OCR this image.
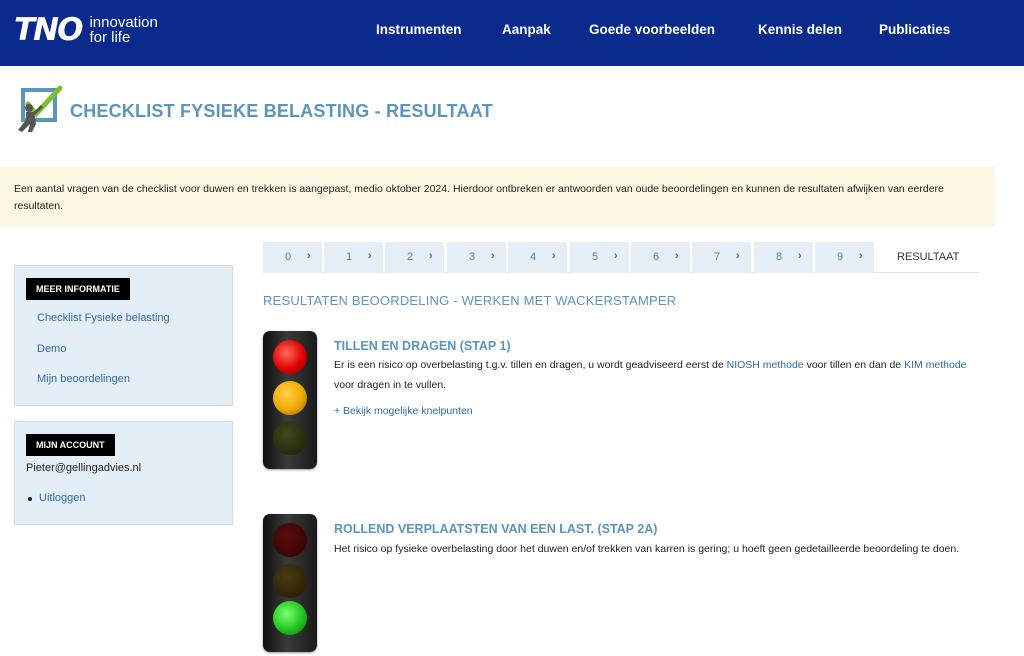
TNO innovation
for life	Instrumenten	Aanpak	Goede voorbeelden	Kennis delen	Publicaties
CHECKLIST FYSIEKE BELASTING - RESULTAAT
Een aantal vragen van de checklist voor duwen en trekken is aangepast, medio oktober 2024. Hierdoor ontbreken er antwoorden van oude beoordelingen en kunnen de resultaten afwijken van eerdere resultaten.
MEER INFORMATIE
Checklist Fysieke belasting
Demo
Mijn beoordelingen
MIJN ACCOUNT
Pieter@gellingadvies.nl
Uitloggen
0 ›	1 ›	2 ›	3 ›	4 ›	5 ›	6 ›	7 ›	8 ›	9 ›	RESULTAAT
RESULTATEN BEOORDELING - WERKEN MET WACKERSTAMPER
TILLEN EN DRAGEN (STAP 1)
Er is een risico op overbelasting t.g.v. tillen en dragen, u wordt geadviseerd eerst de NIOSH methode voor tillen en dan de KIM methode voor dragen in te vullen.
+ Bekijk mogelijke knelpunten
ROLLEND VERPLAATSTEN VAN EEN LAST. (STAP 2A)
Het risico op fysieke overbelasting door het duwen en/of trekken van karren is gering; u hoeft geen gedetailleerde beoordeling te doen.
